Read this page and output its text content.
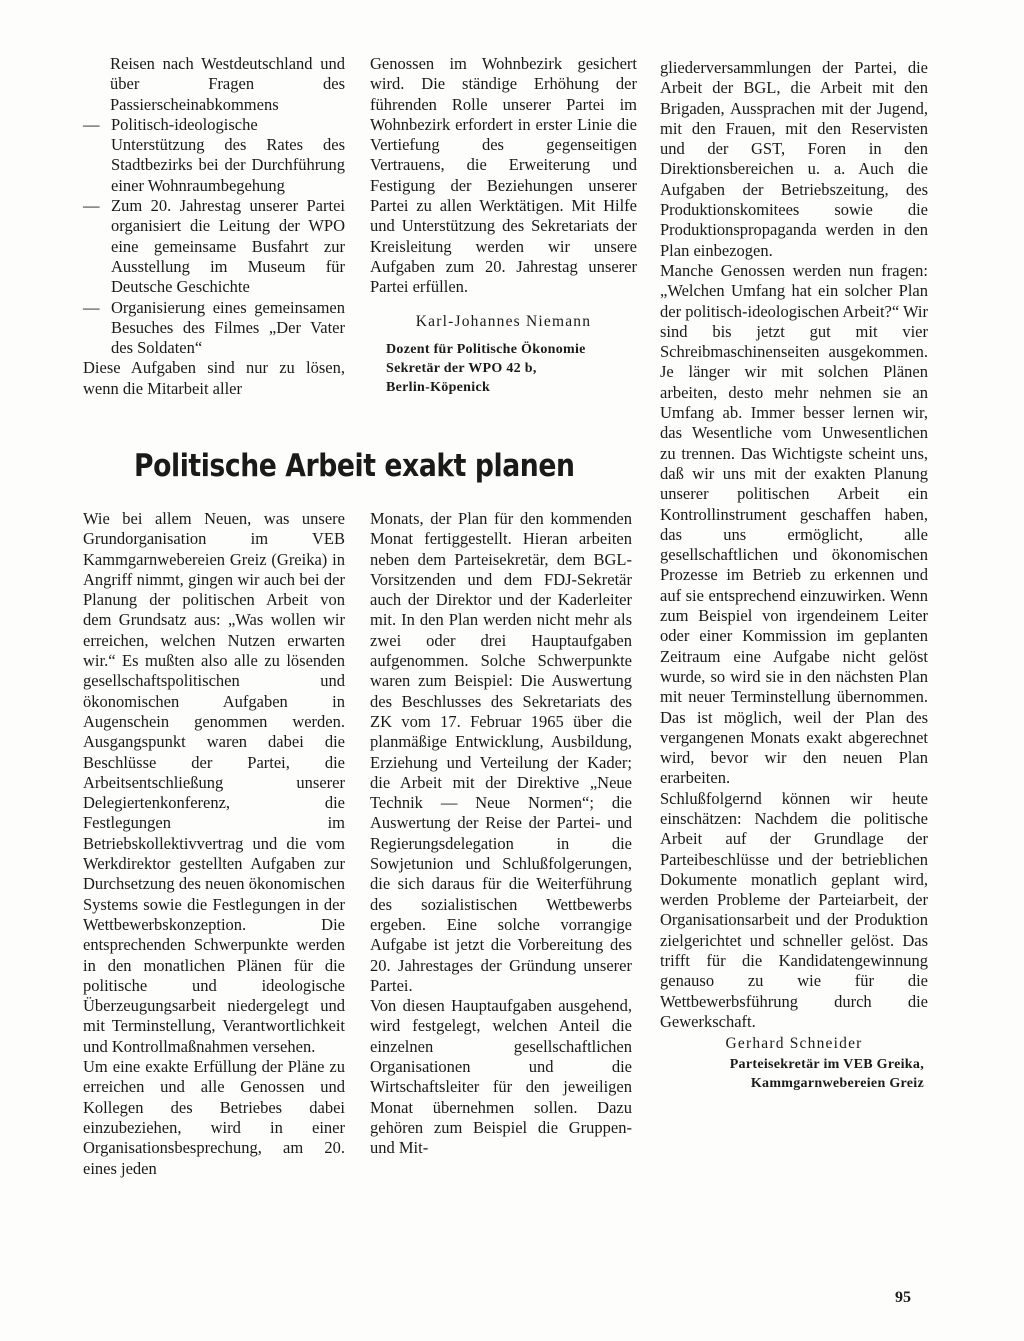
Reisen nach Westdeutschland und über Fragen des Passierscheinabkommens

— Politisch-ideologische Unterstützung des Rates des Stadtbezirks bei der Durchführung einer Wohnraumbegehung
— Zum 20. Jahrestag unserer Partei organisiert die Leitung der WPO eine gemeinsame Busfahrt zur Ausstellung im Museum für Deutsche Geschichte
— Organisierung eines gemeinsamen Besuches des Filmes „Der Vater des Soldaten“

Diese Aufgaben sind nur zu lösen, wenn die Mitarbeit aller

Genossen im Wohnbezirk gesichert wird. Die ständige Erhöhung der führenden Rolle unserer Partei im Wohnbezirk erfordert in erster Linie die Vertiefung des gegenseitigen Vertrauens, die Erweiterung und Festigung der Beziehungen unserer Partei zu allen Werktätigen. Mit Hilfe und Unterstützung des Sekretariats der Kreisleitung werden wir unsere Aufgaben zum 20. Jahrestag unserer Partei erfüllen.

Karl-Johannes Niemann
Dozent für Politische Ökonomie
Sekretär der WPO 42 b,
Berlin-Köpenick
Politische Arbeit exakt planen

Wie bei allem Neuen, was unsere Grundorganisation im VEB Kammgarnwebereien Greiz (Greika) in Angriff nimmt, gingen wir auch bei der Planung der politischen Arbeit von dem Grundsatz aus: „Was wollen wir erreichen, welchen Nutzen erwarten wir.“ Es mußten also alle zu lösenden gesellschaftspolitischen und ökonomischen Aufgaben in Augenschein genommen werden. Ausgangspunkt waren dabei die Beschlüsse der Partei, die Arbeitsentschließung unserer Delegiertenkonferenz, die Festlegungen im Betriebskollektivvertrag und die vom Werkdirektor gestellten Aufgaben zur Durchsetzung des neuen ökonomischen Systems sowie die Festlegungen in der Wettbewerbskonzeption. Die entsprechenden Schwerpunkte werden in den monatlichen Plänen für die politische und ideologische Überzeugungsarbeit niedergelegt und mit Terminstellung, Verantwortlichkeit und Kontrollmaßnahmen versehen.

Um eine exakte Erfüllung der Pläne zu erreichen und alle Genossen und Kollegen des Betriebes dabei einzubeziehen, wird in einer Organisationsbesprechung, am 20. eines jeden

Monats, der Plan für den kommenden Monat fertiggestellt. Hieran arbeiten neben dem Parteisekretär, dem BGL-Vorsitzenden und dem FDJ-Sekretär auch der Direktor und der Kaderleiter mit. In den Plan werden nicht mehr als zwei oder drei Hauptaufgaben aufgenommen. Solche Schwerpunkte waren zum Beispiel: Die Auswertung des Beschlusses des Sekretariats des ZK vom 17. Februar 1965 über die planmäßige Entwicklung, Ausbildung, Erziehung und Verteilung der Kader; die Arbeit mit der Direktive „Neue Technik — Neue Normen“; die Auswertung der Reise der Partei- und Regierungsdelegation in die Sowjetunion und Schlußfolgerungen, die sich daraus für die Weiterführung des sozialistischen Wettbewerbs ergeben. Eine solche vorrangige Aufgabe ist jetzt die Vorbereitung des 20. Jahrestages der Gründung unserer Partei.

Von diesen Hauptaufgaben ausgehend, wird festgelegt, welchen Anteil die einzelnen gesellschaftlichen Organisationen und die Wirtschaftsleiter für den jeweiligen Monat übernehmen sollen. Dazu gehören zum Beispiel die Gruppen- und Mit-

gliederversammlungen der Partei, die Arbeit der BGL, die Arbeit mit den Brigaden, Aussprachen mit der Jugend, mit den Frauen, mit den Reservisten und der GST, Foren in den Direktionsbereichen u. a. Auch die Aufgaben der Betriebszeitung, des Produktionskomitees sowie die Produktionspropaganda werden in den Plan einbezogen.

Manche Genossen werden nun fragen: „Welchen Umfang hat ein solcher Plan der politisch-ideologischen Arbeit?“ Wir sind bis jetzt gut mit vier Schreibmaschinenseiten ausgekommen. Je länger wir mit solchen Plänen arbeiten, desto mehr nehmen sie an Umfang ab. Immer besser lernen wir, das Wesentliche vom Unwesentlichen zu trennen. Das Wichtigste scheint uns, daß wir uns mit der exakten Planung unserer politischen Arbeit ein Kontrollinstrument geschaffen haben, das uns ermöglicht, alle gesellschaftlichen und ökonomischen Prozesse im Betrieb zu erkennen und auf sie entsprechend einzuwirken. Wenn zum Beispiel von irgendeinem Leiter oder einer Kommission im geplanten Zeitraum eine Aufgabe nicht gelöst wurde, so wird sie in den nächsten Plan mit neuer Terminstellung übernommen. Das ist möglich, weil der Plan des vergangenen Monats exakt abgerechnet wird, bevor wir den neuen Plan erarbeiten.

Schlußfolgernd können wir heute einschätzen: Nachdem die politische Arbeit auf der Grundlage der Parteibeschlüsse und der betrieblichen Dokumente monatlich geplant wird, werden Probleme der Parteiarbeit, der Organisationsarbeit und der Produktion zielgerichtet und schneller gelöst. Das trifft für die Kandidatengewinnung genauso zu wie für die Wettbewerbsführung durch die Gewerkschaft.

Gerhard Schneider
Parteisekretär im VEB Greika,
Kammgarnwebereien Greiz
95
